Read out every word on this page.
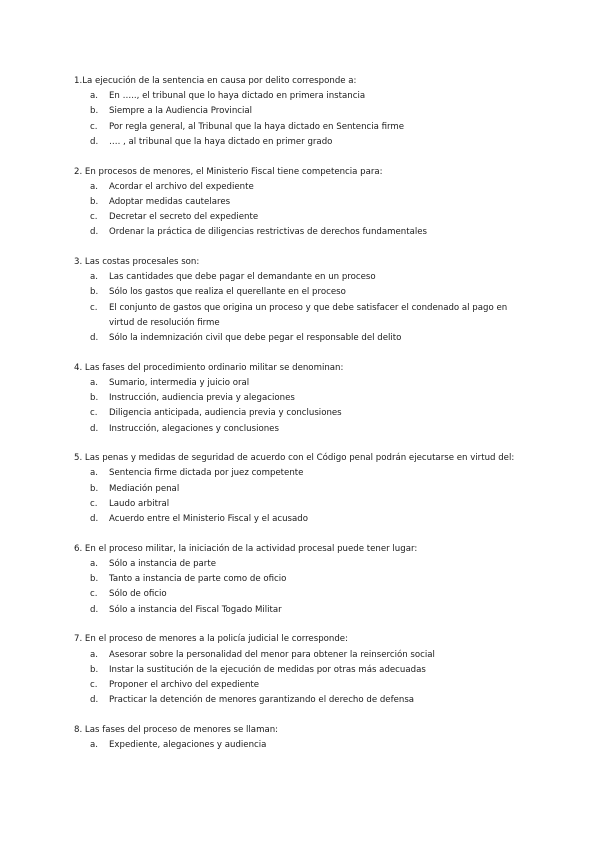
1.La ejecución de la sentencia en causa por delito corresponde a:
a. En ….., el tribunal que lo haya dictado en primera instancia
b. Siempre a la Audiencia Provincial
c. Por regla general, al Tribunal que la haya dictado en Sentencia firme
d. …. , al tribunal que la haya dictado en primer grado
2. En procesos de menores, el Ministerio Fiscal tiene competencia para:
a. Acordar el archivo del expediente
b. Adoptar medidas cautelares
c. Decretar el secreto del expediente
d. Ordenar la práctica de diligencias restrictivas de derechos fundamentales
3. Las costas procesales son:
a. Las cantidades que debe pagar el demandante en un proceso
b. Sólo los gastos que realiza el querellante en el proceso
c. El conjunto de gastos que origina un proceso y que debe satisfacer el condenado al pago en virtud de resolución firme
d. Sólo la indemnización civil que debe pegar el responsable del delito
4. Las fases del procedimiento ordinario militar se denominan:
a. Sumario, intermedia y juicio oral
b. Instrucción, audiencia previa y alegaciones
c. Diligencia anticipada, audiencia previa y conclusiones
d. Instrucción, alegaciones y conclusiones
5. Las penas y medidas de seguridad de acuerdo con el Código penal podrán ejecutarse en virtud del:
a. Sentencia firme dictada por juez competente
b. Mediación penal
c. Laudo arbitral
d. Acuerdo entre el Ministerio Fiscal y el acusado
6. En el proceso militar, la iniciación de la actividad procesal puede tener lugar:
a. Sólo a instancia de parte
b. Tanto a instancia de parte como de oficio
c. Sólo de oficio
d. Sólo a instancia del Fiscal Togado Militar
7. En el proceso de menores a la policía judicial le corresponde:
a. Asesorar sobre la personalidad del menor para obtener la reinserción social
b. Instar la sustitución de la ejecución de medidas por otras más adecuadas
c. Proponer el archivo del expediente
d. Practicar la detención de menores garantizando el derecho de defensa
8. Las fases del proceso de menores se llaman:
a. Expediente, alegaciones y audiencia
